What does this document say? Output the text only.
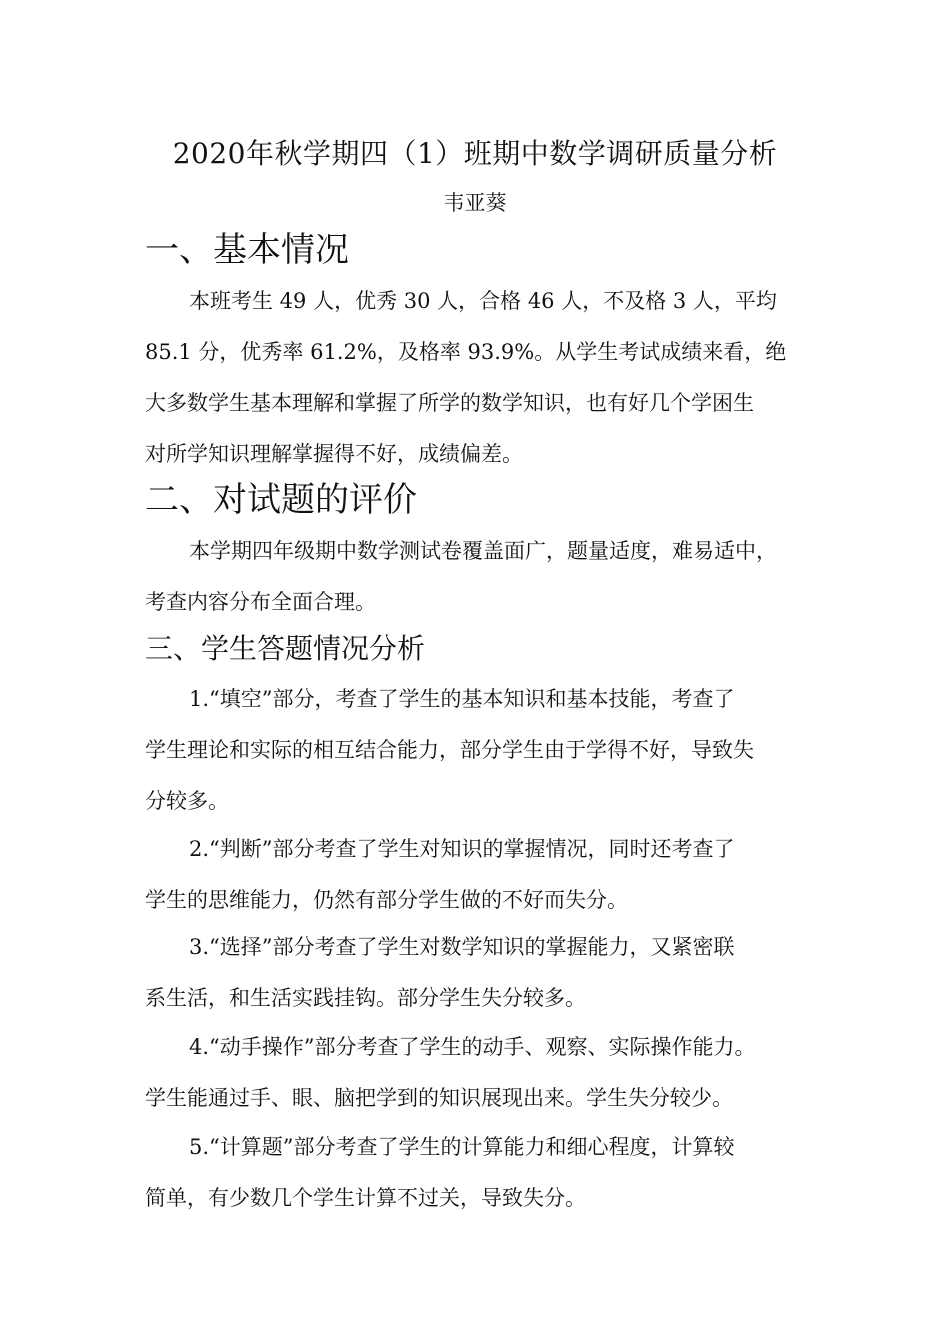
2020年秋学期四（1）班期中数学调研质量分析
韦亚葵
一、基本情况
本班考生 49 人，优秀 30 人，合格 46 人，不及格 3 人，平均
85.1 分，优秀率 61.2%，及格率 93.9%。从学生考试成绩来看，绝
大多数学生基本理解和掌握了所学的数学知识，也有好几个学困生
对所学知识理解掌握得不好，成绩偏差。
二、对试题的评价
本学期四年级期中数学测试卷覆盖面广，题量适度，难易适中，
考查内容分布全面合理。
三、学生答题情况分析
1.“填空”部分，考查了学生的基本知识和基本技能，考查了
学生理论和实际的相互结合能力，部分学生由于学得不好，导致失
分较多。
2.“判断”部分考查了学生对知识的掌握情况，同时还考查了
学生的思维能力，仍然有部分学生做的不好而失分。
3.“选择”部分考查了学生对数学知识的掌握能力，又紧密联
系生活，和生活实践挂钩。部分学生失分较多。
4.“动手操作”部分考查了学生的动手、观察、实际操作能力。
学生能通过手、眼、脑把学到的知识展现出来。学生失分较少。
5.“计算题”部分考查了学生的计算能力和细心程度，计算较
简单，有少数几个学生计算不过关，导致失分。
